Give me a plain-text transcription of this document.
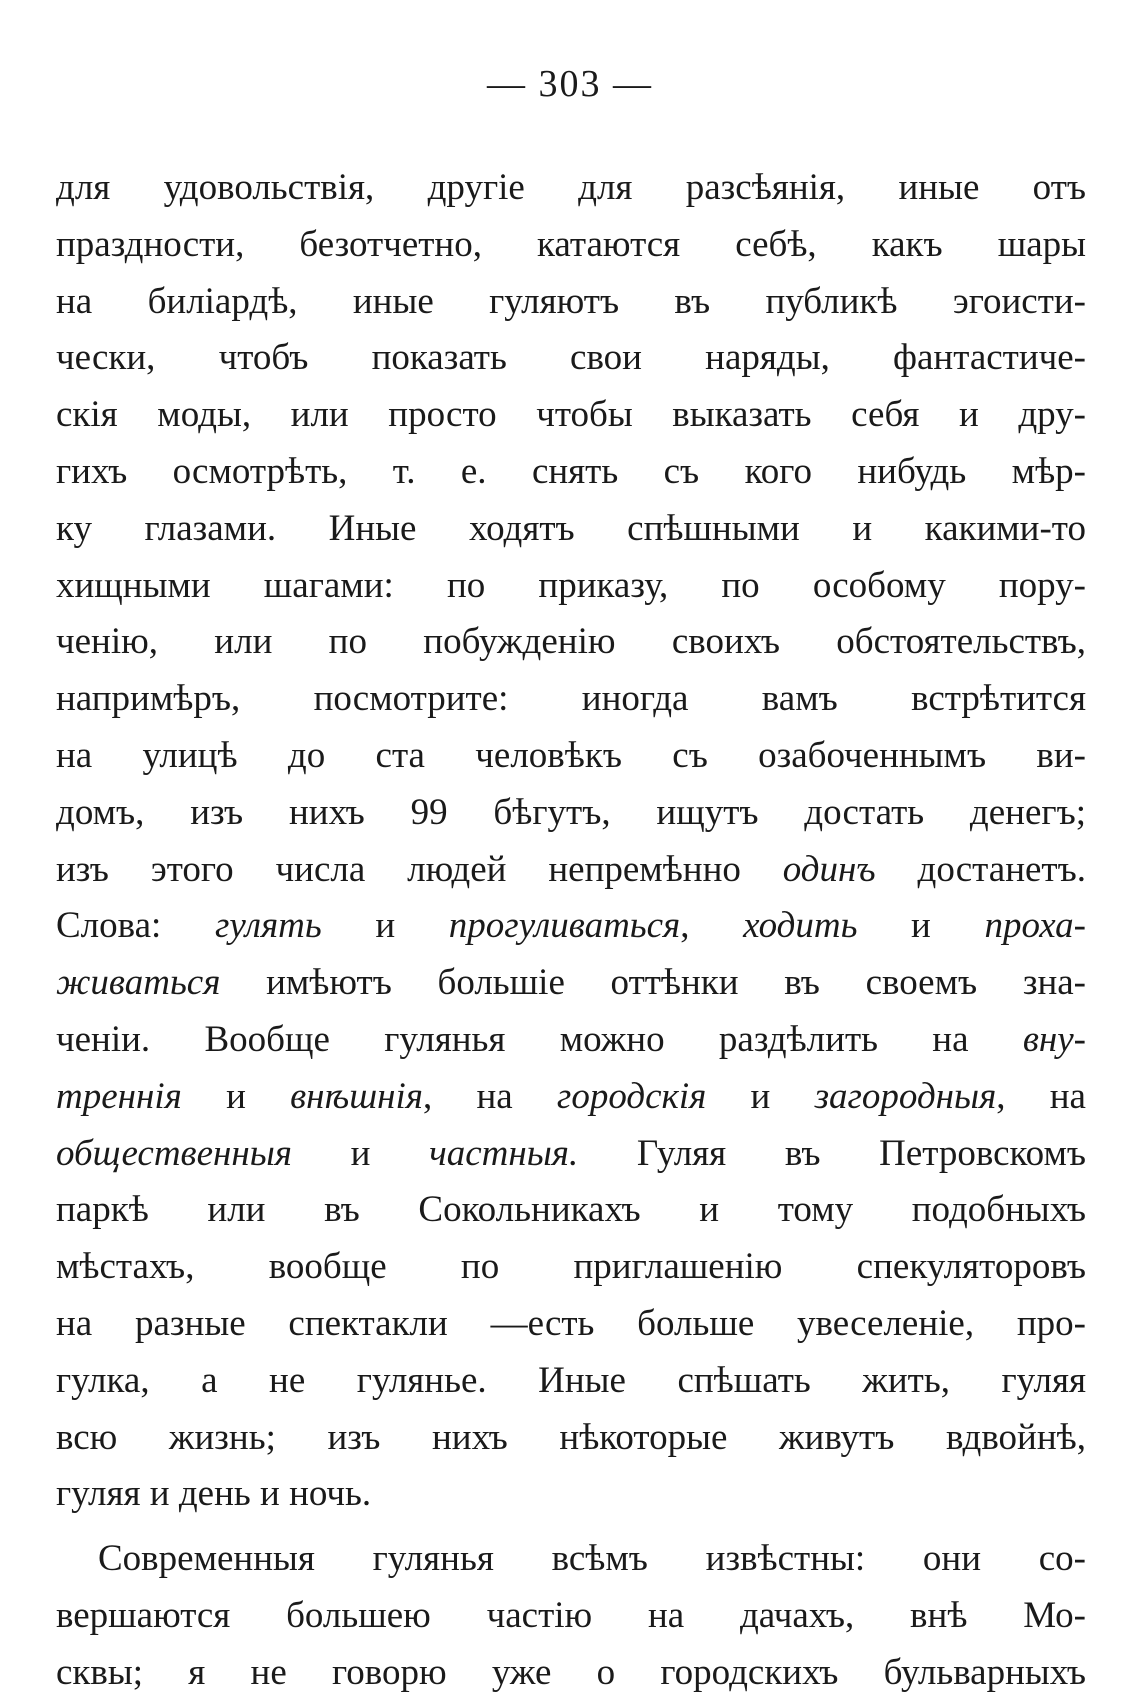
— 303 —
для удовольствія, другіе для разсѣянія, иные отъ
праздности, безотчетно, катаются себѣ, какъ шары
на биліардѣ, иные гуляютъ въ публикѣ эгоисти-
чески, чтобъ показать свои наряды, фантастиче-
скія моды, или просто чтобы выказать себя и дру-
гихъ осмотрѣть, т. е. снять съ кого нибудь мѣр-
ку глазами. Иные ходятъ спѣшными и какими-то
хищными шагами: по приказу, по особому пору-
ченію, или по побужденію своихъ обстоятельствъ,
напримѣръ, посмотрите: иногда вамъ встрѣтится
на улицѣ до ста человѣкъ съ озабоченнымъ ви-
домъ, изъ нихъ 99 бѣгутъ, ищутъ достать денегъ;
изъ этого числа людей непремѣнно одинъ достанетъ.
Слова: гулять и прогуливаться, ходить и проха-
живаться имѣютъ большіе оттѣнки въ своемъ зна-
ченіи. Вообще гулянья можно раздѣлить на вну-
треннія и внѣшнія, на городскія и загородныя, на
общественныя и частныя. Гуляя въ Петровскомъ
паркѣ или въ Сокольникахъ и тому подобныхъ
мѣстахъ, вообще по приглашенію спекуляторовъ
на разные спектакли —есть больше увеселеніе, про-
гулка, а не гулянье. Иные спѣшать жить, гуляя
всю жизнь; изъ нихъ нѣкоторые живутъ вдвойнѣ,
гуляя и день и ночь.
Современныя гулянья всѣмъ извѣстны: они со-
вершаются большею частію на дачахъ, внѣ Мо-
сквы; я не говорю уже о городскихъ бульварныхъ
